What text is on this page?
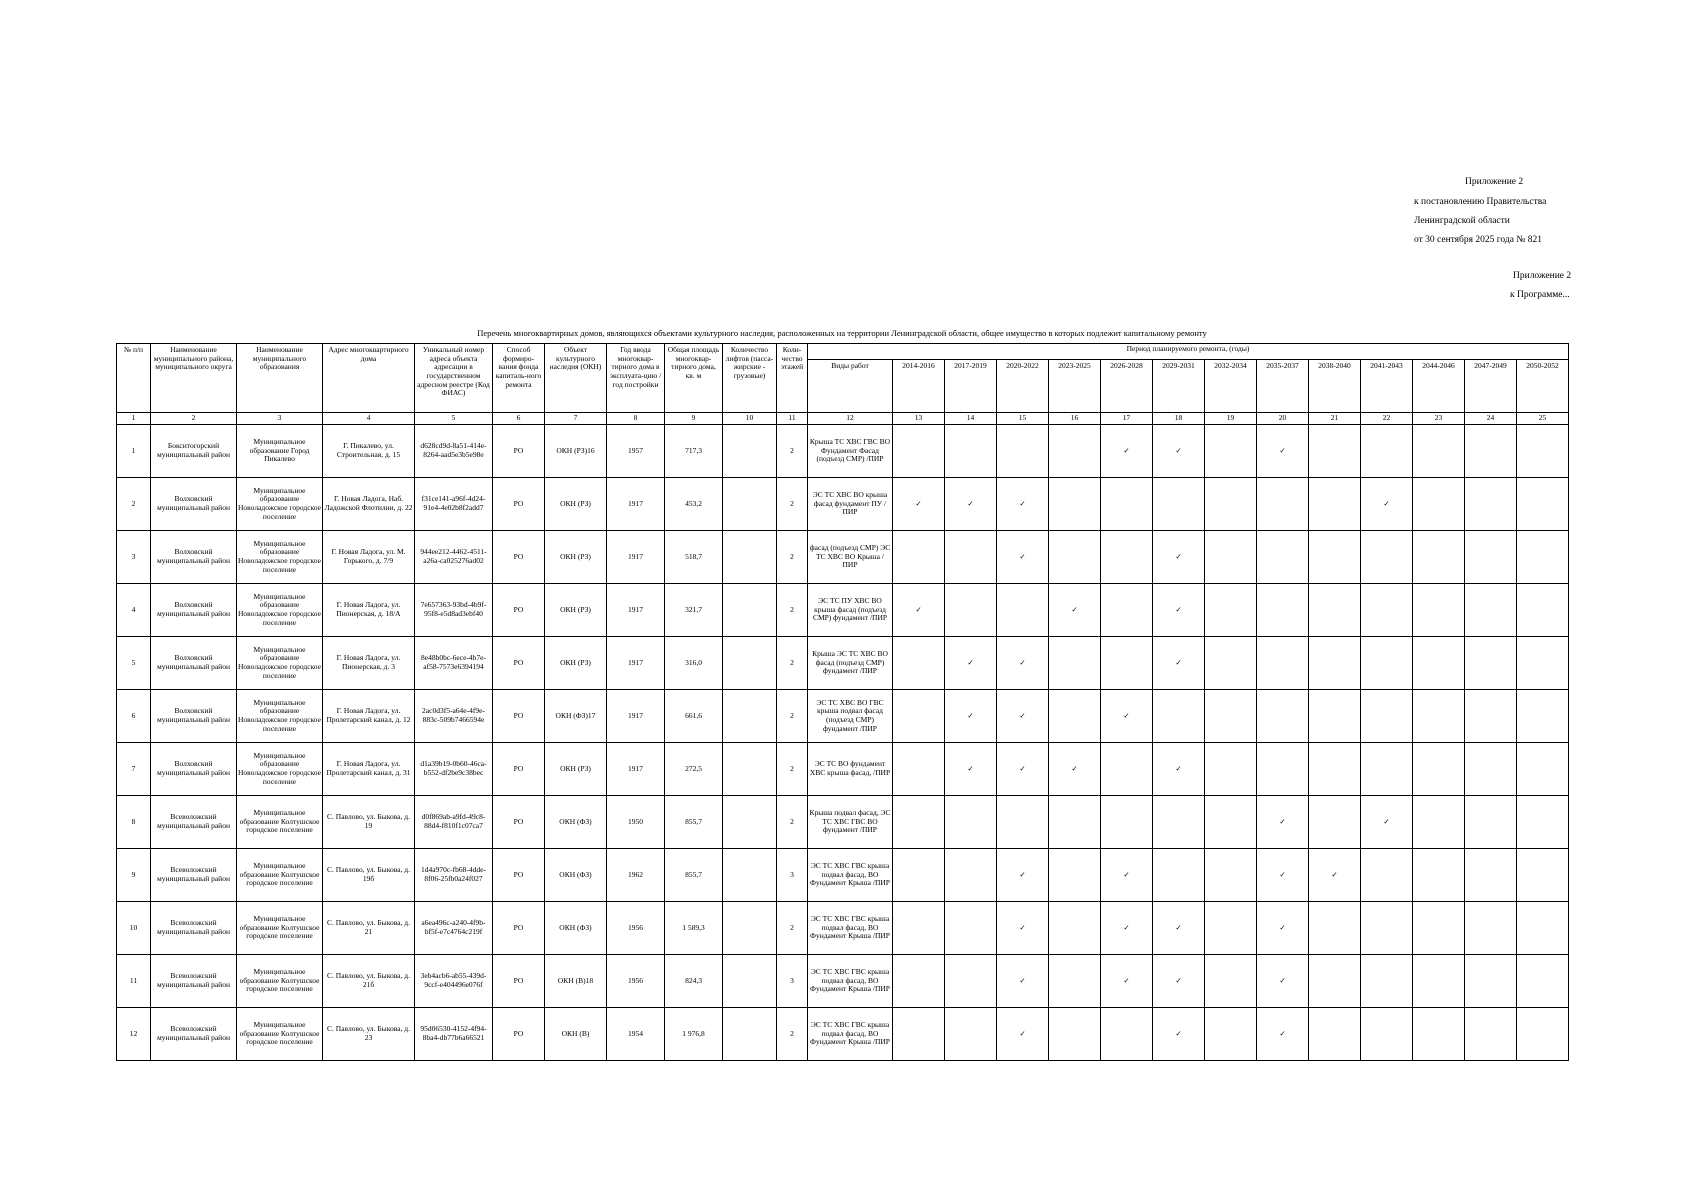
Приложение 2
к постановлению Правительства
Ленинградской области
от 30 сентября 2025 года № 821
Приложение 2
к Программе...
Перечень многоквартирных домов, являющихся объектами культурного наследия, расположенных на территории Ленинградской области, общее имущество в которых подлежит капитальному ремонту
№ п/п	Наименование муниципального района, муниципального округа	Наименование муниципального образования	Адрес многоквартирного дома	Уникальный номер адреса объекта адресации в государственном адресном реестре (Код ФИАС)	Способ формиро-вания фонда капиталь-ного ремонта	Объект культурного наследия (ОКН)	Год ввода многоквар-тирного дома в эксплуата-цию /год постройки	Общая площадь многоквар-тирного дома, кв. м	Количество лифтов (пасса-жирские - грузовые)	Коли-чество этажей	Период планируемого ремонта, (годы)													
											Виды работ	2014-2016	2017-2019	2020-2022	2023-2025	2026-2028	2029-2031	2032-2034	2035-2037	2038-2040	2041-2043	2044-2046	2047-2049	2050-2052
1	2	3	4	5	6	7	8	9	10	11	12	13	14	15	16	17	18	19	20	21	22	23	24	25
1	Бокситогорский муниципальный район	Муниципальное образование Город Пикалево	Г. Пикалево, ул. Строительная, д. 15	d628cd9d-8a51-414e-8264-aad5e3b5e98e	РО	ОКН (РЗ)16	1957	717,3		2	Крыша ТС ХВС ГВС ВО Фундамент Фасад (подъезд СМР) /ПИР					✓	✓		✓					
2	Волховский муниципальный район	Муниципальное образование Новоладожское городское поселение	Г. Новая Ладога, Наб. Ладожской Флотилии, д. 22	f31ce141-a96f-4d24-91e4-4e02b8f2add7	РО	ОКН (РЗ)	1917	453,2		2	ЭС ТС ХВС ВО крыша фасад фундамент ПУ /ПИР	✓	✓	✓							✓			
3	Волховский муниципальный район	Муниципальное образование Новоладожское городское поселение	Г. Новая Ладога, ул. М. Горького, д. 7/9	944ee212-4462-4511-a26a-ca025276ad02	РО	ОКН (РЗ)	1917	518,7		2	фасад (подъезд СМР) ЭС ТС ХВС ВО Крыша /ПИР			✓			✓							
4	Волховский муниципальный район	Муниципальное образование Новоладожское городское поселение	Г. Новая Ладога, ул. Пионерская, д. 18/А	7e657363-93bd-4b9f-95f8-e5d8ad3ebf40	РО	ОКН (РЗ)	1917	321,7		2	ЭС ТС ПУ ХВС ВО крыша фасад (подъезд СМР) фундамент /ПИР	✓			✓		✓							
5	Волховский муниципальный район	Муниципальное образование Новоладожское городское поселение	Г. Новая Ладога, ул. Пионерская, д. 3	8e48b0bc-6ece-4b7e-af58-7573e6394194	РО	ОКН (РЗ)	1917	316,0		2	Крыша ЭС ТС ХВС ВО фасад (подъезд СМР) фундамент /ПИР		✓	✓			✓							
6	Волховский муниципальный район	Муниципальное образование Новоладожское городское поселение	Г. Новая Ладога, ул. Пролетарский канал, д. 12	2ac0d3f5-a64e-4f9e-883c-509b7466594e	РО	ОКН (ФЗ)17	1917	661,6		2	ЭС ТС ХВС ВО ГВС крыша подвал фасад (подъезд СМР) фундамент /ПИР		✓	✓		✓								
7	Волховский муниципальный район	Муниципальное образование Новоладожское городское поселение	Г. Новая Ладога, ул. Пролетарский канал, д. 31	d1a39b19-0b60-46ca-b552-df2be9c38bec	РО	ОКН (РЗ)	1917	272,5		2	ЭС ТС ВО фундамент ХВС крыша фасад, /ПИР		✓	✓	✓		✓							
8	Всеволожский муниципальный район	Муниципальное образование Колтушское городское поселение	С. Павлово, ул. Быкова, д. 19	d0f869ab-a9fd-49c8-88d4-f810f1c07ca7	РО	ОКН (ФЗ)	1950	855,7		2	Крыша подвал фасад, ЭС ТС ХВС ГВС ВО фундамент /ПИР								✓		✓			
9	Всеволожский муниципальный район	Муниципальное образование Колтушское городское поселение	С. Павлово, ул. Быкова, д. 19б	1d4a970c-fb68-4dde-8f06-25fb0a24f027	РО	ОКН (ФЗ)	1962	855,7		3	ЭС ТС ХВС ГВС крыша подвал фасад, ВО Фундамент Крыша /ПИР			✓		✓			✓	✓				
10	Всеволожский муниципальный район	Муниципальное образование Колтушское городское поселение	С. Павлово, ул. Быкова, д. 21	a6ea496c-a240-4f9b-bf5f-e7c4764c219f	РО	ОКН (ФЗ)	1956	1 589,3		2	ЭС ТС ХВС ГВС крыша подвал фасад, ВО Фундамент Крыша /ПИР			✓		✓	✓		✓					
11	Всеволожский муниципальный район	Муниципальное образование Колтушское городское поселение	С. Павлово, ул. Быкова, д. 21б	3eb4acb6-ab55-439d-9ccf-e404496e076f	РО	ОКН (В)18	1956	824,3		3	ЭС ТС ХВС ГВС крыша подвал фасад, ВО Фундамент Крыша /ПИР			✓		✓	✓		✓					
12	Всеволожский муниципальный район	Муниципальное образование Колтушское городское поселение	С. Павлово, ул. Быкова, д. 23	95d06530-4152-4f94-8ba4-db77b6a66521	РО	ОКН (В)	1954	1 976,8		2	ЭС ТС ХВС ГВС крыша подвал фасад, ВО Фундамент Крыша /ПИР			✓			✓		✓					
